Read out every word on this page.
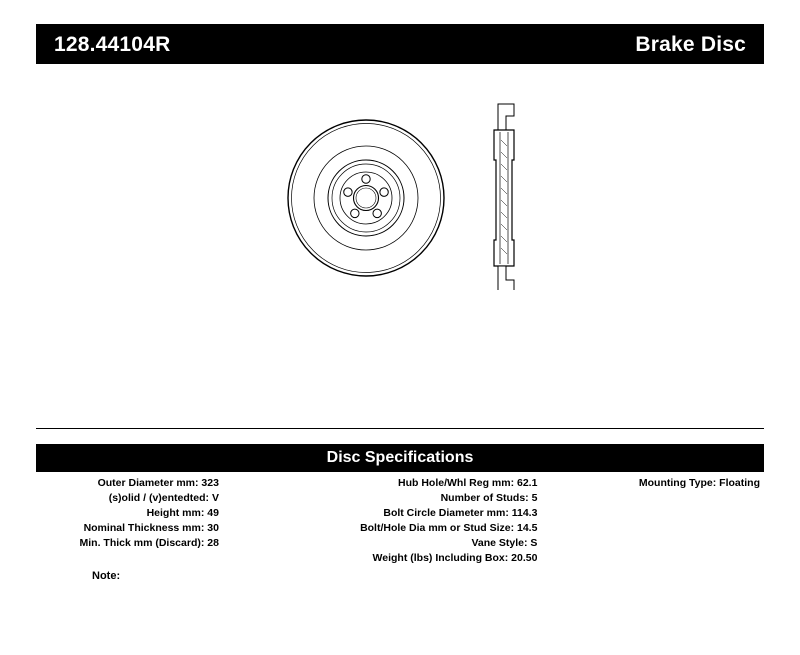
128.44104R	Brake Disc
Disc Specifications
Outer Diameter mm: 323
(s)olid / (v)entedted: V
Height mm: 49
Nominal Thickness mm: 30
Min. Thick mm (Discard): 28
Hub Hole/Whl Reg mm: 62.1
Number of Studs: 5
Bolt Circle Diameter mm: 114.3
Bolt/Hole Dia mm or Stud Size: 14.5
Vane Style: S
Weight (lbs) Including Box: 20.50
Mounting Type: Floating
Note:
